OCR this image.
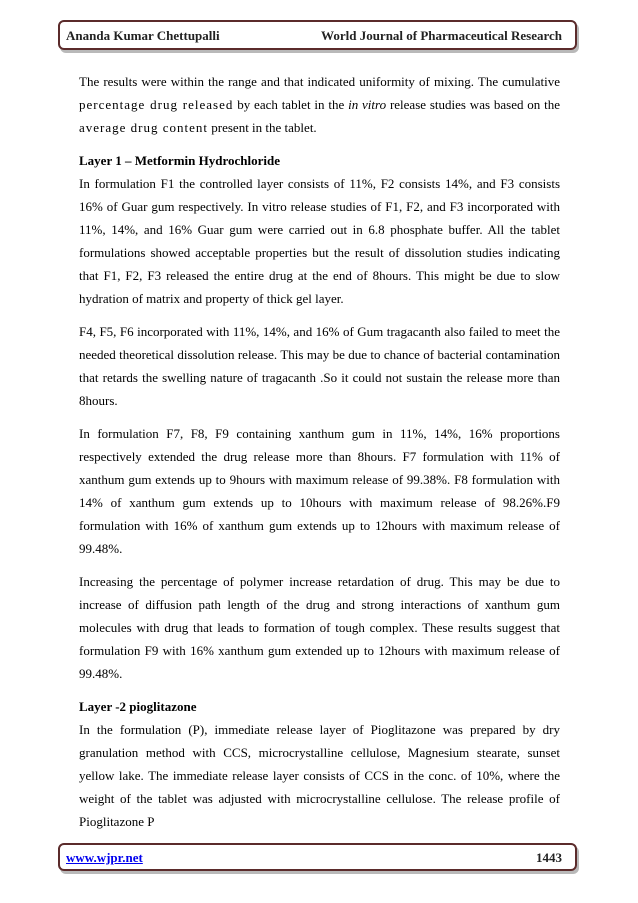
Ananda Kumar Chettupalli	World Journal of Pharmaceutical Research

The results were within the range and that indicated uniformity of mixing. The cumulative percentage drug released by each tablet in the in vitro release studies was based on the average drug content present in the tablet.

Layer 1 – Metformin Hydrochloride

In formulation F1 the controlled layer consists of 11%, F2 consists 14%, and F3 consists 16% of Guar gum respectively. In vitro release studies of F1, F2, and F3 incorporated with 11%, 14%, and 16% Guar gum were carried out in 6.8 phosphate buffer. All the tablet formulations showed acceptable properties but the result of dissolution studies indicating that F1, F2, F3 released the entire drug at the end of 8hours. This might be due to slow hydration of matrix and property of thick gel layer.

F4, F5, F6 incorporated with 11%, 14%, and 16% of Gum tragacanth also failed to meet the needed theoretical dissolution release. This may be due to chance of bacterial contamination that retards the swelling nature of tragacanth .So it could not sustain the release more than 8hours.

In formulation F7, F8, F9 containing xanthum gum in 11%, 14%, 16% proportions respectively extended the drug release more than 8hours. F7 formulation with 11% of xanthum gum extends up to 9hours with maximum release of 99.38%. F8 formulation with 14% of xanthum gum extends up to 10hours with maximum release of 98.26%.F9 formulation with 16% of xanthum gum extends up to 12hours with maximum release of 99.48%.

Increasing the percentage of polymer increase retardation of drug. This may be due to increase of diffusion path length of the drug and strong interactions of xanthum gum molecules with drug that leads to formation of tough complex. These results suggest that formulation F9 with 16% xanthum gum extended up to 12hours with maximum release of 99.48%.

Layer -2 pioglitazone

In the formulation (P), immediate release layer of Pioglitazone was prepared by dry granulation method with CCS, microcrystalline cellulose, Magnesium stearate, sunset yellow lake. The immediate release layer consists of CCS in the conc. of 10%, where the weight of the tablet was adjusted with microcrystalline cellulose. The release profile of Pioglitazone P

www.wjpr.net	1443
